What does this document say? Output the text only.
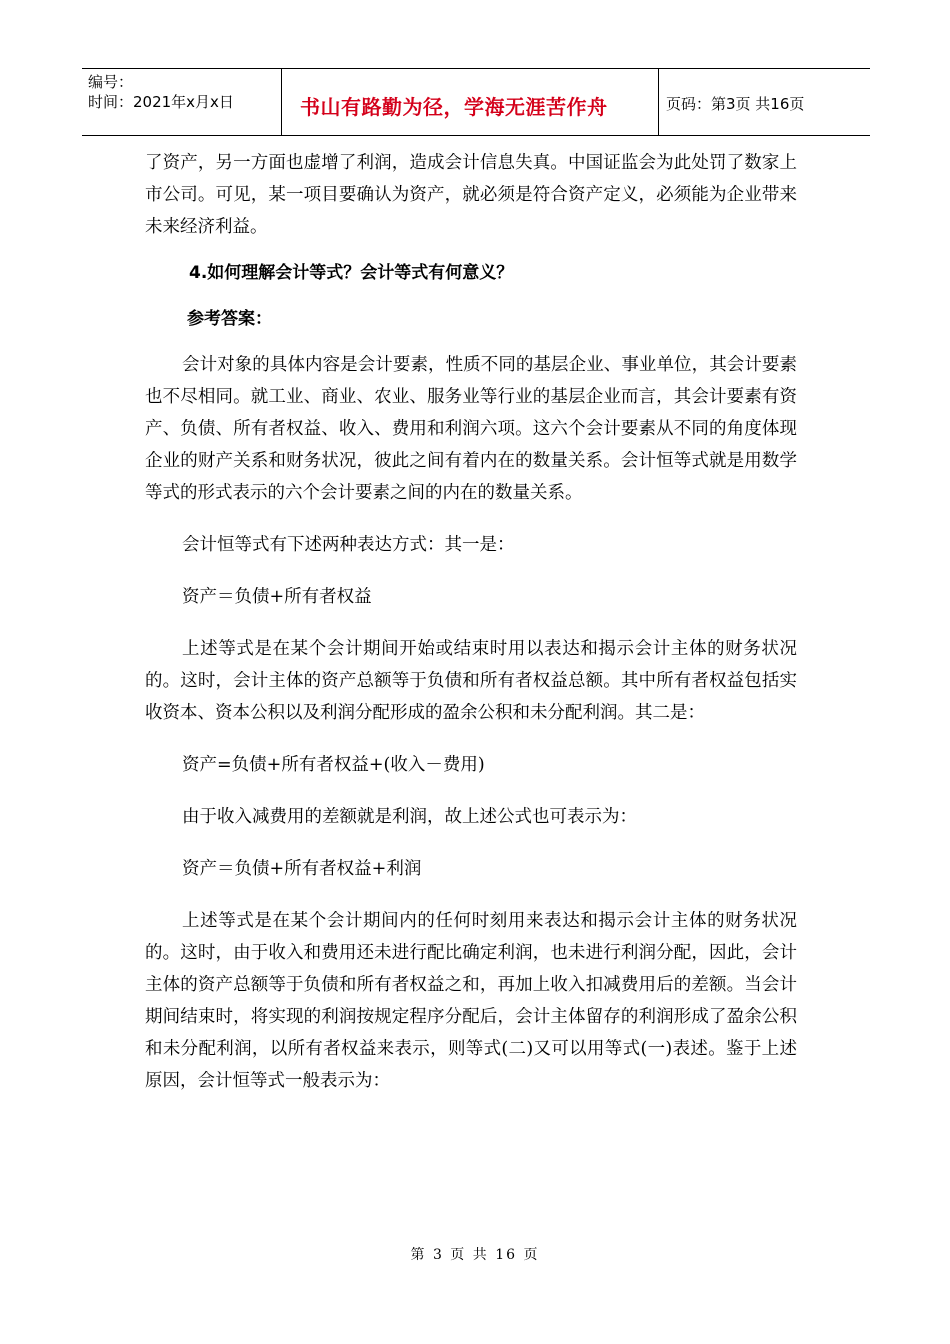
编号：
时间：2021年x月x日	书山有路勤为径，学海无涯苦作舟	页码：第3页 共16页

了资产，另一方面也虚增了利润，造成会计信息失真。中国证监会为此处罚了数家上市公司。可见，某一项目要确认为资产，就必须是符合资产定义，必须能为企业带来未来经济利益。

4.如何理解会计等式？会计等式有何意义？

参考答案：

会计对象的具体内容是会计要素，性质不同的基层企业、事业单位，其会计要素也不尽相同。就工业、商业、农业、服务业等行业的基层企业而言，其会计要素有资产、负债、所有者权益、收入、费用和利润六项。这六个会计要素从不同的角度体现企业的财产关系和财务状况，彼此之间有着内在的数量关系。会计恒等式就是用数学等式的形式表示的六个会计要素之间的内在的数量关系。

会计恒等式有下述两种表达方式：其一是：

资产＝负债+所有者权益

上述等式是在某个会计期间开始或结束时用以表达和揭示会计主体的财务状况的。这时，会计主体的资产总额等于负债和所有者权益总额。其中所有者权益包括实收资本、资本公积以及利润分配形成的盈余公积和未分配利润。其二是：

资产=负债+所有者权益+(收入－费用)

由于收入减费用的差额就是利润，故上述公式也可表示为：

资产＝负债+所有者权益+利润

上述等式是在某个会计期间内的任何时刻用来表达和揭示会计主体的财务状况的。这时，由于收入和费用还未进行配比确定利润，也未进行利润分配，因此，会计主体的资产总额等于负债和所有者权益之和，再加上收入扣减费用后的差额。当会计期间结束时，将实现的利润按规定程序分配后，会计主体留存的利润形成了盈余公积和未分配利润，以所有者权益来表示，则等式(二)又可以用等式(一)表述。鉴于上述原因，会计恒等式一般表示为：

第 3 页 共 16 页
